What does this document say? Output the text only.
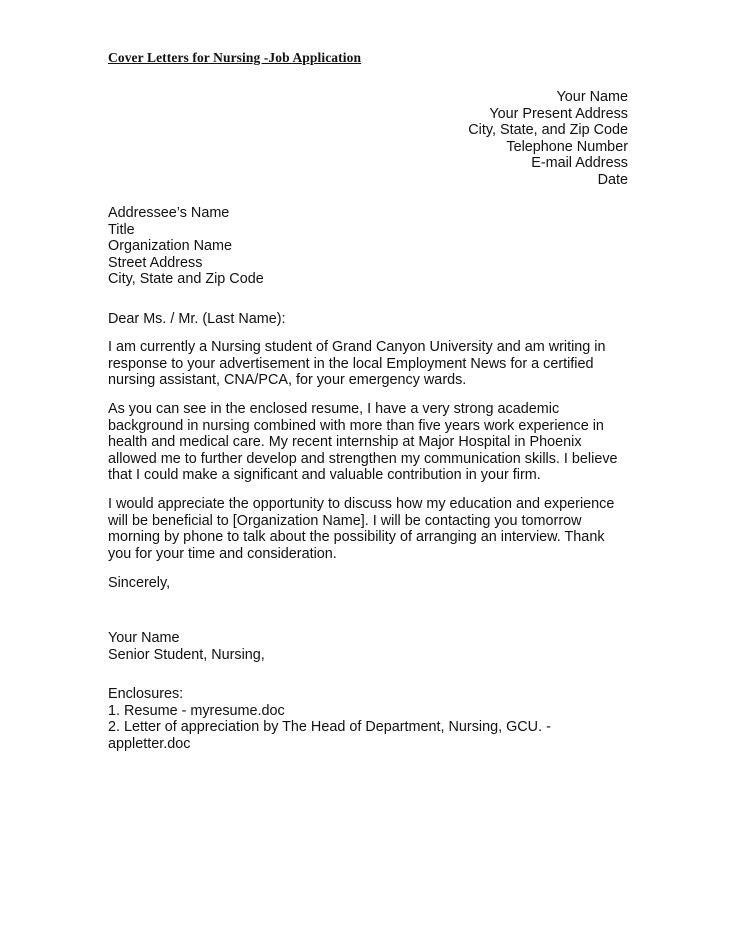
Cover Letters for Nursing -Job Application
Your Name
Your Present Address
City, State, and Zip Code
Telephone Number
E-mail Address
Date
Addressee’s Name
Title
Organization Name
Street Address
City, State and Zip Code
Dear Ms. / Mr. (Last Name):
I am currently a Nursing student of Grand Canyon University and am writing in
response to your advertisement in the local Employment News for a certified
nursing assistant, CNA/PCA, for your emergency wards.
As you can see in the enclosed resume, I have a very strong academic
background in nursing combined with more than five years work experience in
health and medical care. My recent internship at Major Hospital in Phoenix
allowed me to further develop and strengthen my communication skills. I believe
that I could make a significant and valuable contribution in your firm.
I would appreciate the opportunity to discuss how my education and experience
will be beneficial to [Organization Name]. I will be contacting you tomorrow
morning by phone to talk about the possibility of arranging an interview. Thank
you for your time and consideration.
Sincerely,
Your Name
Senior Student, Nursing,
Enclosures:
1. Resume - myresume.doc
2. Letter of appreciation by The Head of Department, Nursing, GCU. -
appletter.doc
